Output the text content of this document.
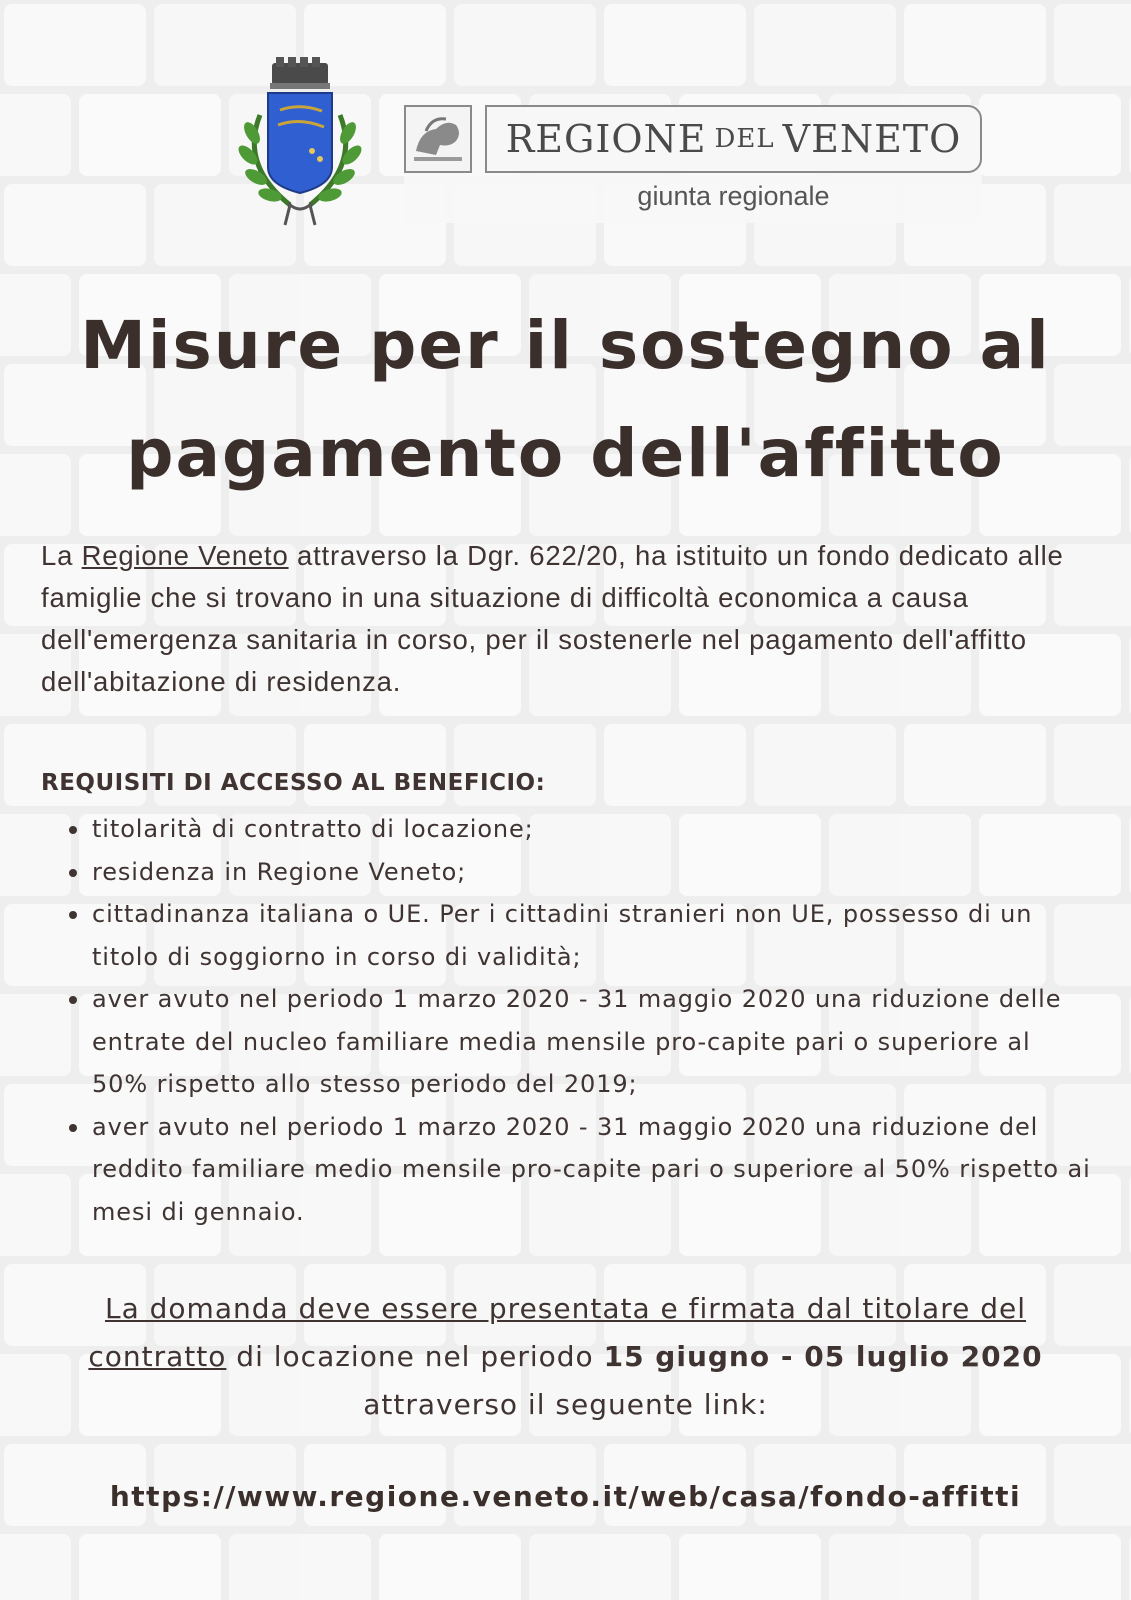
REGIONE DEL VENETO
giunta regionale
Misure per il sostegno al
pagamento dell'affitto
La Regione Veneto attraverso la Dgr. 622/20, ha istituito un fondo dedicato alle famiglie che si trovano in una situazione di difficoltà economica a causa dell'emergenza sanitaria in corso, per il sostenerle nel pagamento dell'affitto dell'abitazione di residenza.
REQUISITI DI ACCESSO AL BENEFICIO:
titolarità di contratto di locazione;
residenza in Regione Veneto;
cittadinanza italiana o UE. Per i cittadini stranieri non UE, possesso di un titolo di soggiorno in corso di validità;
aver avuto nel periodo 1 marzo 2020 - 31 maggio 2020 una riduzione delle entrate del nucleo familiare media mensile pro-capite pari o superiore al 50% rispetto allo stesso periodo del 2019;
aver avuto nel periodo 1 marzo 2020 - 31 maggio 2020 una riduzione del reddito familiare medio mensile pro-capite pari o superiore al 50% rispetto ai mesi di gennaio.
La domanda deve essere presentata e firmata dal titolare del contratto di locazione nel periodo 15 giugno - 05 luglio 2020 attraverso il seguente link:
https://www.regione.veneto.it/web/casa/fondo-affitti
